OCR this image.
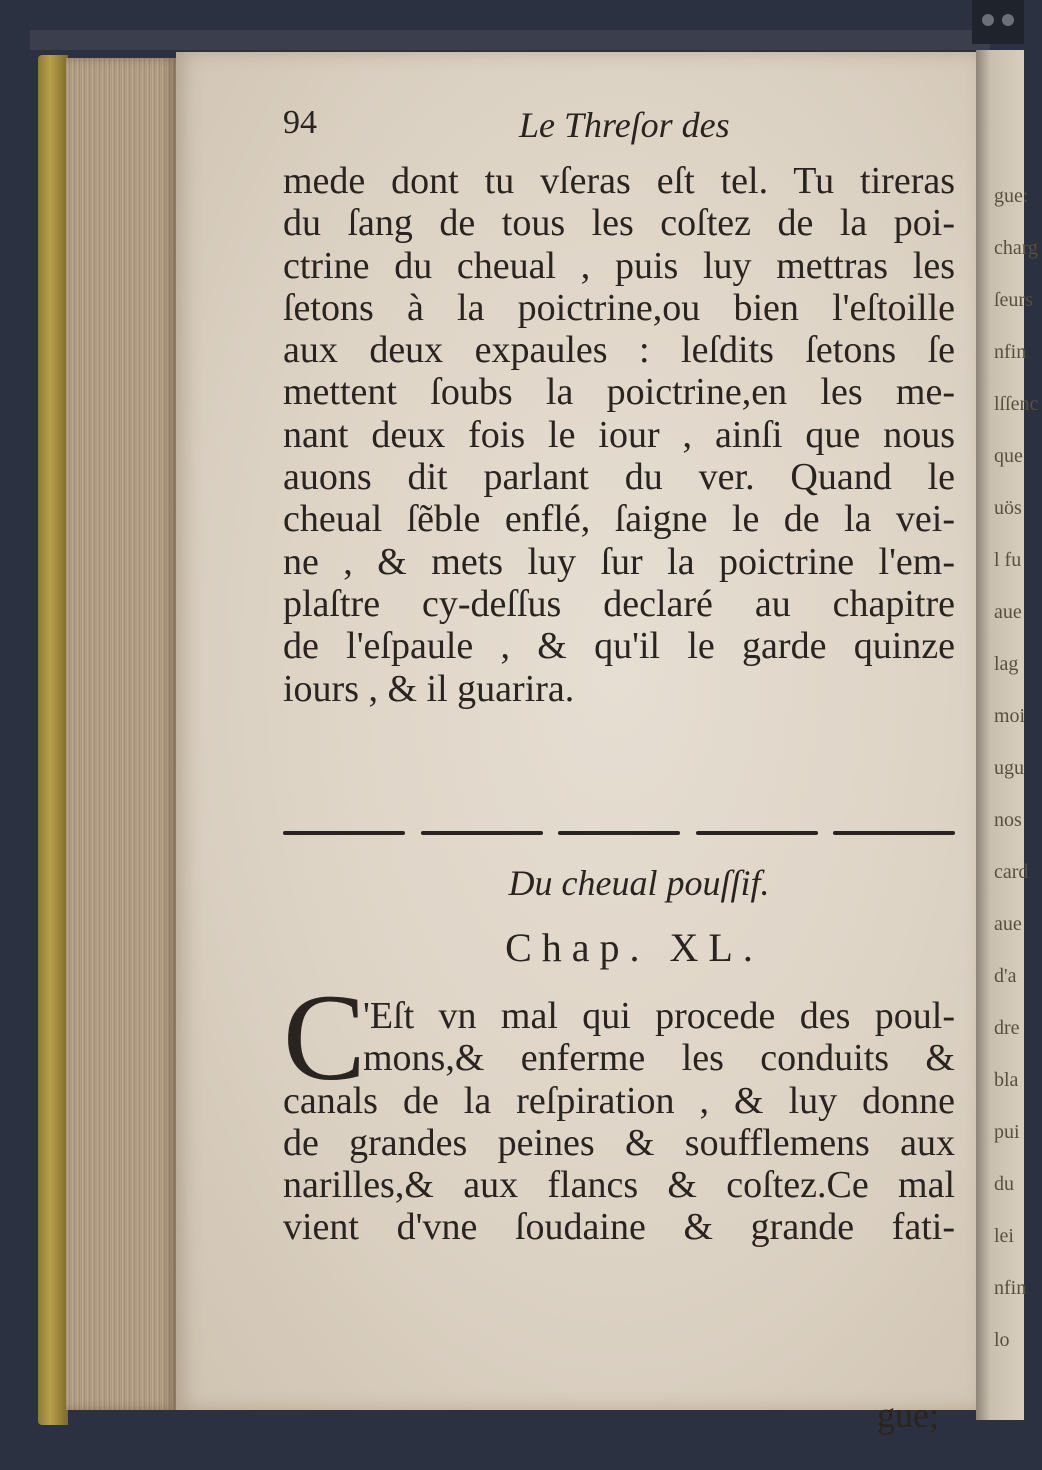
gue:
charg
ſeurs
nfin
lſſenc
que
uös
l fu
aue
lag
moi
ugu
nos
card
aue
d'a
dre
bla
pui
du
lei
nfin
lo
94	Le Threſor des
mede dont tu vſeras eſt tel. Tu tireras
du ſang de tous les coſtez de la poi-
ctrine du cheual , puis luy mettras les
ſetons à la poictrine,ou bien l'eſtoille
aux deux expaules : leſdits ſetons ſe
mettent ſoubs la poictrine,en les me-
nant deux fois le iour , ainſi que nous
auons dit parlant du ver. Quand le
cheual ſẽble enflé, ſaigne le de la vei-
ne , & mets luy ſur la poictrine l'em-
plaſtre cy-deſſus declaré au chapitre
de l'eſpaule , & qu'il le garde quinze
iours , & il guarira.
Du cheual pouſſif.
Chap. XL.
C
'Eſt vn mal qui procede des poul-
mons,& enferme les conduits &
canals de la reſpiration , & luy donne
de grandes peines & soufflemens aux
narilles,& aux flancs & coſtez.Ce mal
vient d'vne ſoudaine & grande fati-
gue;
